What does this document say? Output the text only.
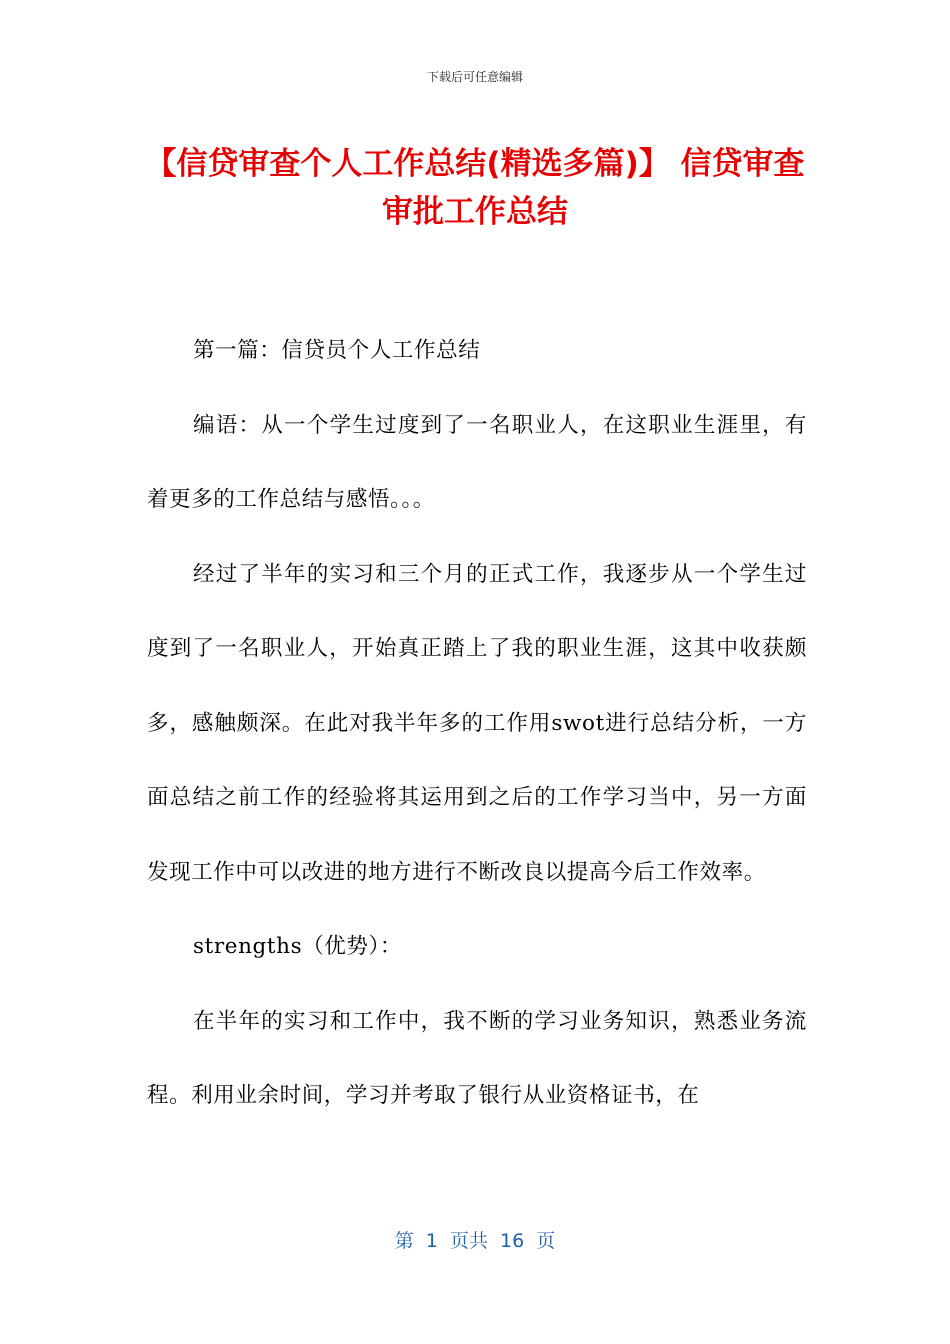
下载后可任意编辑
【信贷审查个人工作总结(精选多篇)】 信贷审查审批工作总结

第一篇：信贷员个人工作总结

编语：从一个学生过度到了一名职业人，在这职业生涯里，有着更多的工作总结与感悟。。。

经过了半年的实习和三个月的正式工作，我逐步从一个学生过度到了一名职业人，开始真正踏上了我的职业生涯，这其中收获颇多，感触颇深。在此对我半年多的工作用swot进行总结分析，一方面总结之前工作的经验将其运用到之后的工作学习当中，另一方面发现工作中可以改进的地方进行不断改良以提高今后工作效率。

strengths（优势）：

在半年的实习和工作中，我不断的学习业务知识，熟悉业务流程。利用业余时间，学习并考取了银行从业资格证书，在

第  1  页共  16  页
